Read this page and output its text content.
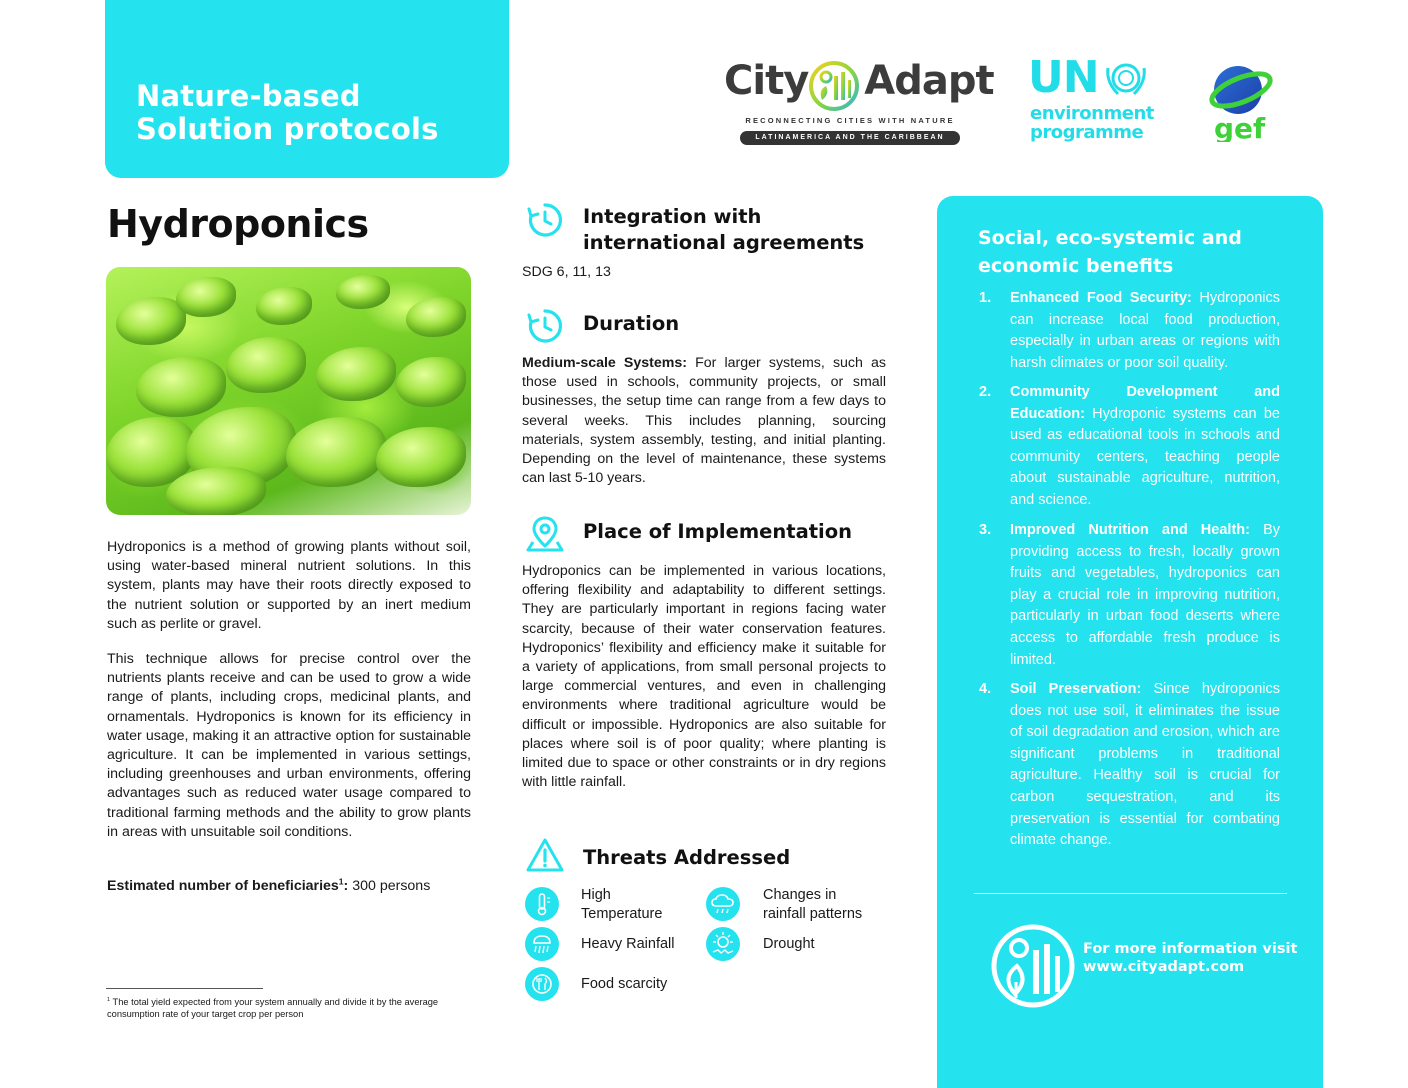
Nature-based
Solution protocols
City Adapt
RECONNECTING CITIES WITH NATURE
LATINAMERICA AND THE CARIBBEAN
UN
environment
programme	gef
Hydroponics
Hydroponics is a method of growing plants without soil, using water-based mineral nutrient solutions. In this system, plants may have their roots directly exposed to the nutrient solution or supported by an inert medium such as perlite or gravel.
This technique allows for precise control over the nutrients plants receive and can be used to grow a wide range of plants, including crops, medicinal plants, and ornamentals. Hydroponics is known for its efficiency in water usage, making it an attractive option for sustainable agriculture. It can be implemented in various settings, including greenhouses and urban environments, offering advantages such as reduced water usage compared to traditional farming methods and the ability to grow plants in areas with unsuitable soil conditions.
Estimated number of beneficiaries$^1$: 300 persons
$^1$ The total yield expected from your system annually and divide it by the average consumption rate of your target crop per person
Integration with
international agreements
SDG 6, 11, 13
Duration
Medium-scale Systems: For larger systems, such as those used in schools, community projects, or small businesses, the setup time can range from a few days to several weeks. This includes planning, sourcing materials, system assembly, testing, and initial planting. Depending on the level of maintenance, these systems can last 5-10 years.
Place of Implementation
Hydroponics can be implemented in various locations, offering flexibility and adaptability to different settings. They are particularly important in regions facing water scarcity, because of their water conservation features. Hydroponics’ flexibility and efficiency make it suitable for a variety of applications, from small personal projects to large commercial ventures, and even in challenging environments where traditional agriculture would be difficult or impossible. Hydroponics are also suitable for places where soil is of poor quality; where planting is limited due to space or other constraints or in dry regions with little rainfall.
Threats Addressed
High
Temperature
Changes in
rainfall patterns
Heavy Rainfall	Drought
Food scarcity
Social, eco-systemic and
economic benefits
1. Enhanced Food Security: Hydroponics can increase local food production, especially in urban areas or regions with harsh climates or poor soil quality.
2. Community Development and Education: Hydroponic systems can be used as educational tools in schools and community centers, teaching people about sustainable agriculture, nutrition, and science.
3. Improved Nutrition and Health: By providing access to fresh, locally grown fruits and vegetables, hydroponics can play a crucial role in improving nutrition, particularly in urban food deserts where access to affordable fresh produce is limited.
4. Soil Preservation: Since hydroponics does not use soil, it eliminates the issue of soil degradation and erosion, which are significant problems in traditional agriculture. Healthy soil is crucial for carbon sequestration, and its preservation is essential for combating climate change.
For more information visit
www.cityadapt.com
